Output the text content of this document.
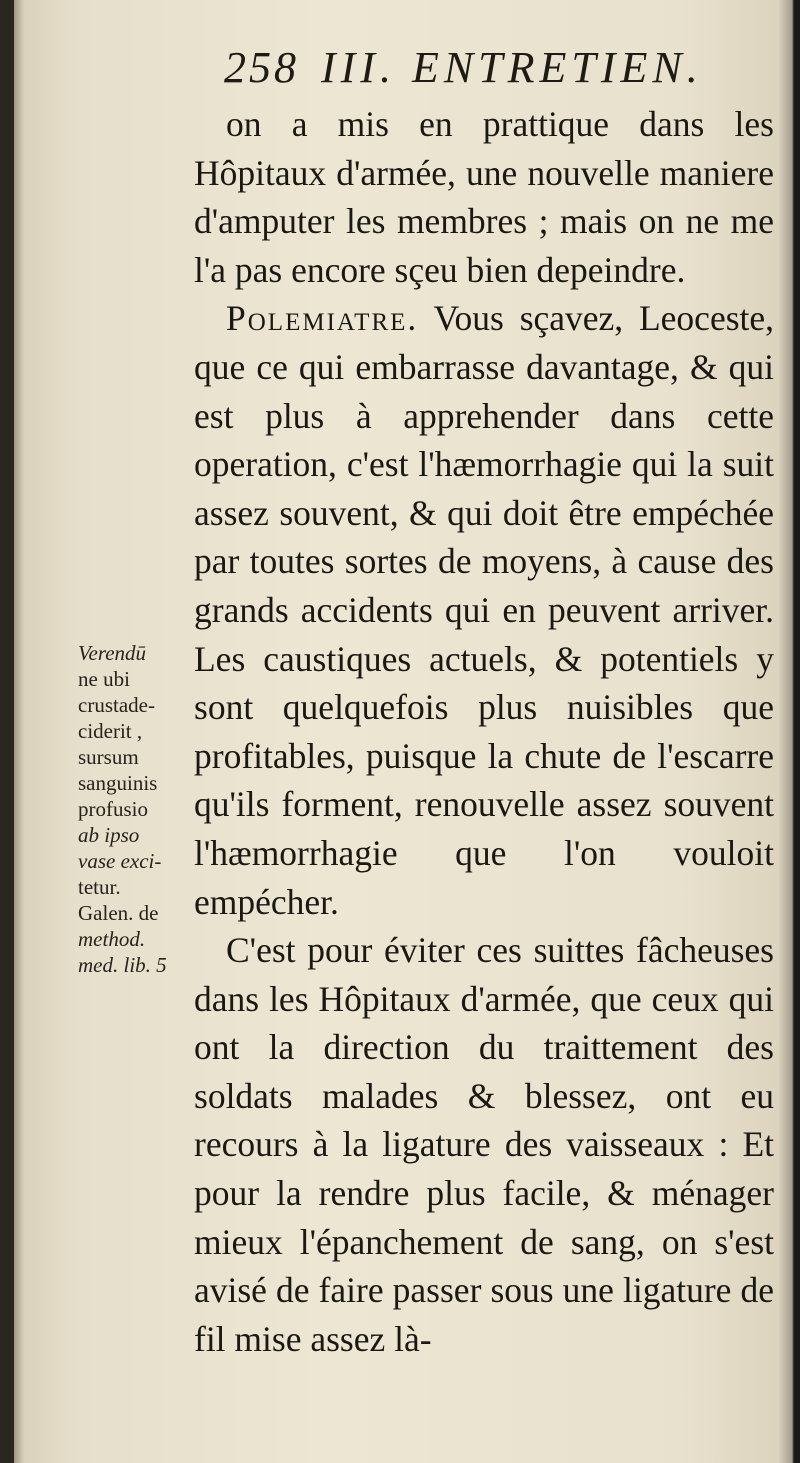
258 III. ENTRETIEN.

on a mis en prattique dans les Hôpitaux d'armée, une nouvelle maniere d'amputer les membres ; mais on ne me l'a pas encore sçeu bien depeindre.

Polemiatre. Vous sçavez, Leoceste, que ce qui embarrasse davantage, & qui est plus à apprehender dans cette operation, c'est l'hæmorrhagie qui la suit assez souvent, & qui doit être empéchée par toutes sortes de moyens, à cause des grands accidents qui en peuvent arriver. Les caustiques actuels, & potentiels y sont quelquefois plus nuisibles que profitables, puisque la chute de l'escarre qu'ils forment, renouvelle assez souvent l'hæmorrhagie que l'on vouloit empécher.

C'est pour éviter ces suittes fâcheuses dans les Hôpitaux d'armée, que ceux qui ont la direction du traittement des soldats malades & blessez, ont eu recours à la ligature des vaisseaux : Et pour la rendre plus facile, & ménager mieux l'épanchement de sang, on s'est avisé de faire passer sous une ligature de fil mise assez là-

Verendū
ne ubi
crustade-
ciderit ,
sursum
sanguinis
profusio
ab ipso
vase exci-
tetur.
Galen. de
method.
med. lib. 5
